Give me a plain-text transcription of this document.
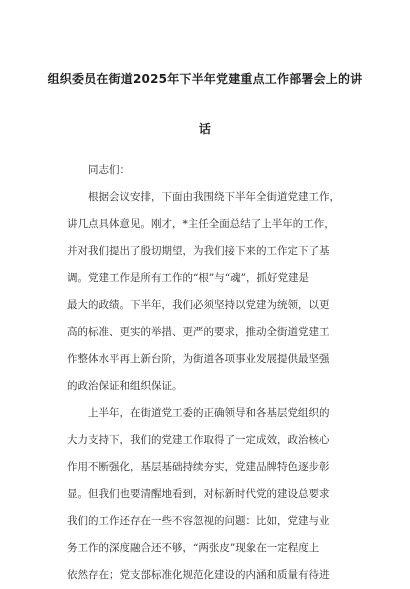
组织委员在街道2025年下半年党建重点工作部署会上的讲
话
同志们：

根据会议安排，下面由我围绕下半年全街道党建工作，
讲几点具体意见。刚才，*主任全面总结了上半年的工作，
并对我们提出了殷切期望，为我们接下来的工作定下了基
调。党建工作是所有工作的“根”与“魂”，抓好党建是
最大的政绩。下半年，我们必须坚持以党建为统领，以更
高的标准、更实的举措、更严的要求，推动全街道党建工
作整体水平再上新台阶，为街道各项事业发展提供最坚强
的政治保证和组织保证。

上半年，在街道党工委的正确领导和各基层党组织的
大力支持下，我们的党建工作取得了一定成效，政治核心
作用不断强化，基层基础持续夯实，党建品牌特色逐步彰
显。但我们也要清醒地看到，对标新时代党的建设总要求
我们的工作还存在一些不容忽视的问题：比如，党建与业
务工作的深度融合还不够，“两张皮”现象在一定程度上
依然存在；党支部标准化规范化建设的内涵和质量有待进
